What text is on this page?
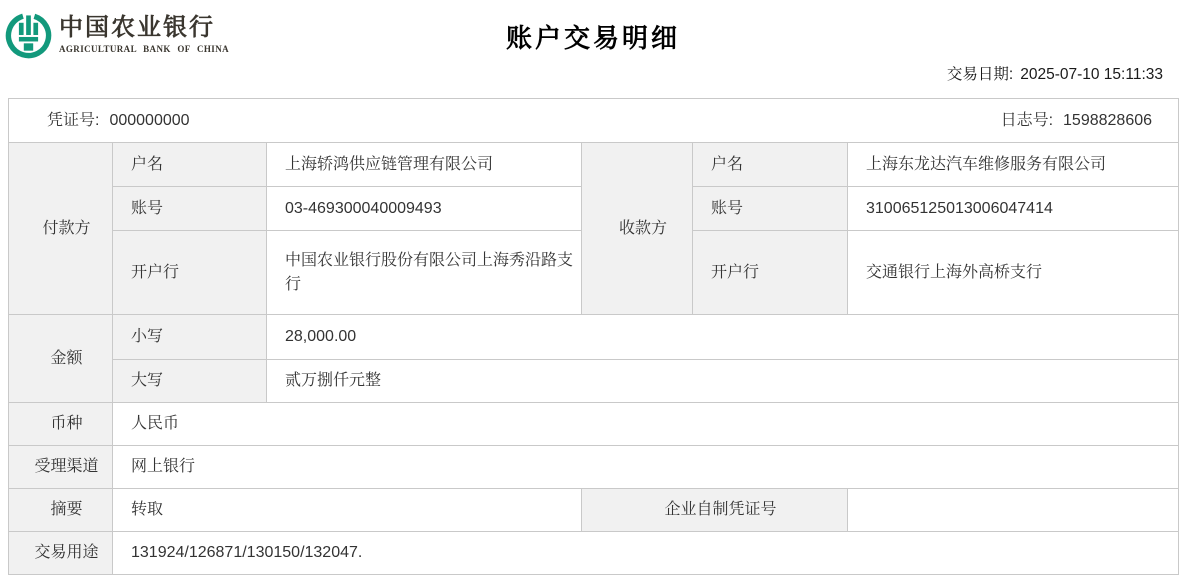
中国农业银行
AGRICULTURAL BANK OF CHINA	账户交易明细
交易日期: 2025-07-10 15:11:33
凭证号: 000000000 日志号: 1598828606					

付款方	户名	上海轿鸿供应链管理有限公司	收款方	户名	上海东龙达汽车维修服务有限公司
	账号	03-469300040009493		账号	310065125013006047414
	开户行	中国农业银行股份有限公司上海秀沿路支行		开户行	交通银行上海外高桥支行
金额	小写	28,000.00			
	大写	贰万捌仟元整			
币种	人民币				
受理渠道	网上银行				
摘要	转取		企业自制凭证号		
交易用途	131924/126871/130150/132047.				
